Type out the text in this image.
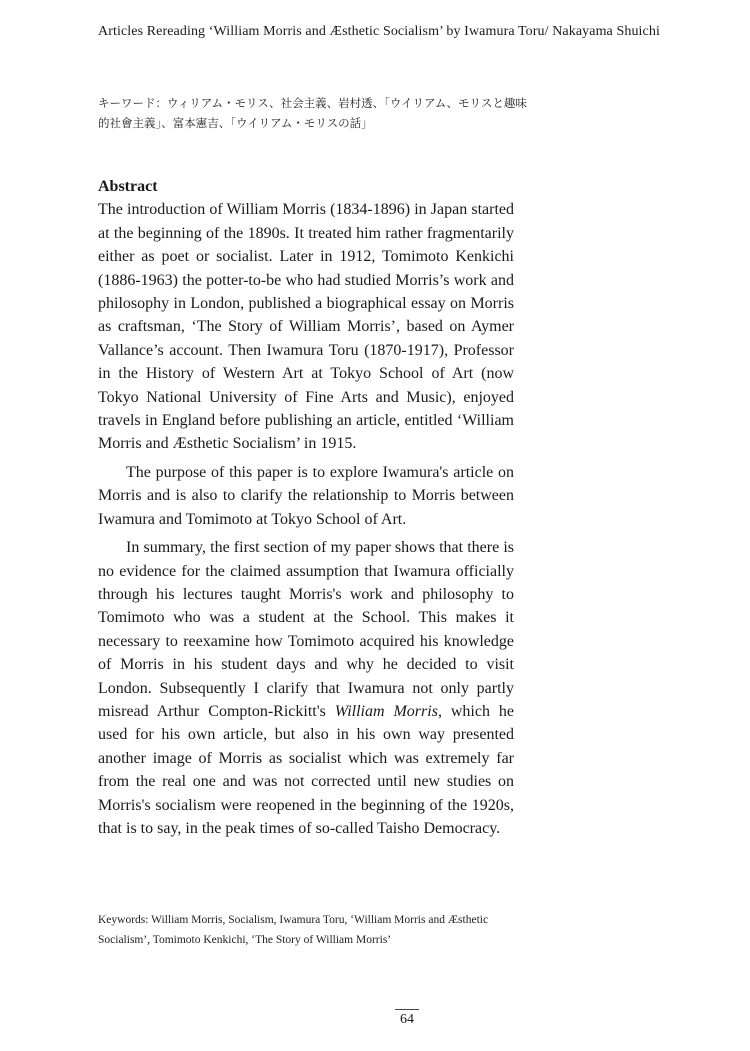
Articles Rereading ‘William Morris and Æsthetic Socialism’ by Iwamura Toru/ Nakayama Shuichi
キーワード：ウィリアム・モリス、社会主義、岩村透、「ウイリアム、モリスと趣味的社會主義」、富本憲吉、「ウイリアム・モリスの話」
Abstract

The introduction of William Morris (1834-1896) in Japan started at the beginning of the 1890s. It treated him rather fragmentarily either as poet or socialist. Later in 1912, Tomimoto Kenkichi (1886-1963) the potter-to-be who had studied Morris’s work and philosophy in London, published a biographical essay on Morris as craftsman, ‘The Story of William Morris’, based on Aymer Vallance’s account. Then Iwamura Toru (1870-1917), Professor in the History of Western Art at Tokyo School of Art (now Tokyo National University of Fine Arts and Music), enjoyed travels in England before publishing an article, entitled ‘William Morris and Æsthetic Socialism’ in 1915.

The purpose of this paper is to explore Iwamura's article on Morris and is also to clarify the relationship to Morris between Iwamura and Tomimoto at Tokyo School of Art.

In summary, the first section of my paper shows that there is no evidence for the claimed assumption that Iwamura officially through his lectures taught Morris's work and philosophy to Tomimoto who was a student at the School. This makes it necessary to reexamine how Tomimoto acquired his knowledge of Morris in his student days and why he decided to visit London. Subsequently I clarify that Iwamura not only partly misread Arthur Compton-Rickitt's William Morris, which he used for his own article, but also in his own way presented another image of Morris as socialist which was extremely far from the real one and was not corrected until new studies on Morris's socialism were reopened in the beginning of the 1920s, that is to say, in the peak times of so-called Taisho Democracy.

Keywords: William Morris, Socialism, Iwamura Toru, ‘William Morris and Æsthetic Socialism’, Tomimoto Kenkichi, ‘The Story of William Morris’
64
